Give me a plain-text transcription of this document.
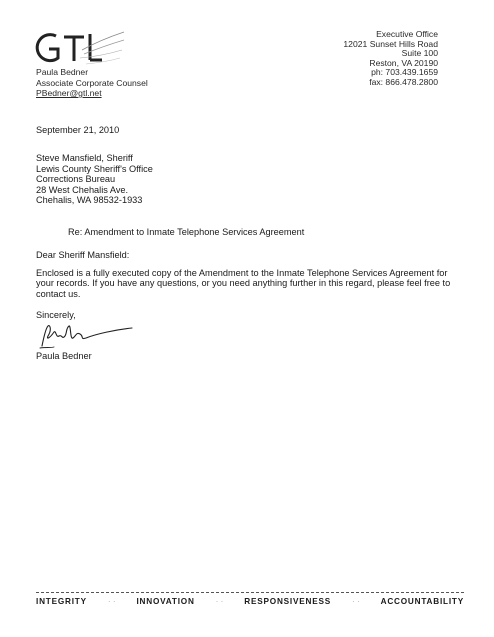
Paula Bedner
Associate Corporate Counsel
PBedner@gtl.net
Executive Office
12021 Sunset Hills Road
Suite 100
Reston, VA 20190
ph: 703.439.1659
fax: 866.478.2800
September 21, 2010
Steve Mansfield, Sheriff
Lewis County Sheriff's Office
Corrections Bureau
28 West Chehalis Ave.
Chehalis, WA 98532-1933
Re: Amendment to Inmate Telephone Services Agreement
Dear Sheriff Mansfield:
Enclosed is a fully executed copy of the Amendment to the Inmate Telephone Services Agreement for your records. If you have any questions, or you need anything further in this regard, please feel free to contact us.
Sincerely,
Paula Bedner
INTEGRITY	· ·	INNOVATION	· ·	RESPONSIVENESS	· ·	ACCOUNTABILITY
